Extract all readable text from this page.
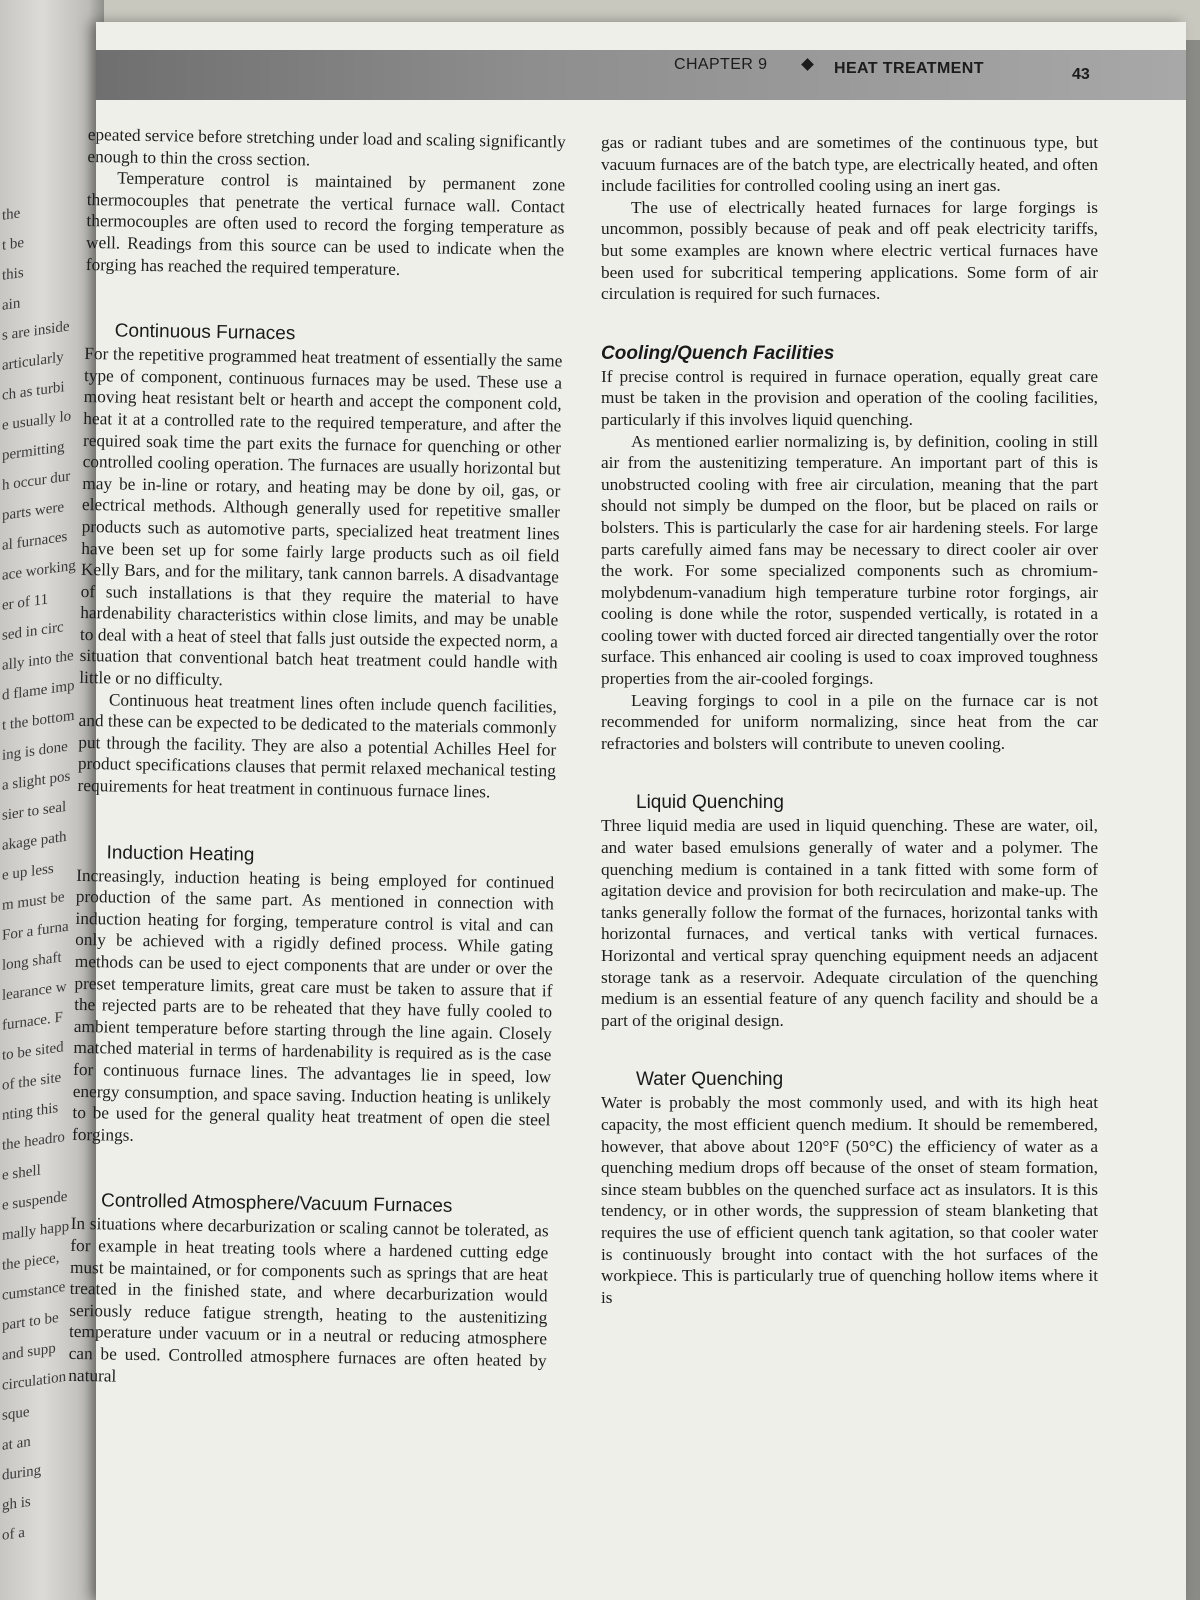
the
t be
this
ain
s are inside
articularly
ch as turbi
e usually lo
permitting
h occur dur
parts were
al furnaces
ace working
er of 11
sed in circ
ally into the
d flame imp
t the bottom
ing is done
a slight pos
sier to seal
akage path
e up less
m must be
For a furna
long shaft
learance w
furnace. F
to be sited
of the site
nting this
the headro
e shell
e suspende
mally happ
the piece,
cumstance
part to be
and supp
circulation
sque
at an
during
gh is
of a
CHAPTER 9	HEAT TREATMENT	43

epeated service before stretching under load and scaling significantly enough to thin the cross section.

Temperature control is maintained by permanent zone thermocouples that penetrate the vertical furnace wall. Contact thermocouples are often used to record the forging temperature as well. Readings from this source can be used to indicate when the forging has reached the required temperature.

Continuous Furnaces

For the repetitive programmed heat treatment of essentially the same type of component, continuous furnaces may be used. These use a moving heat resistant belt or hearth and accept the component cold, heat it at a controlled rate to the required temperature, and after the required soak time the part exits the furnace for quenching or other controlled cooling operation. The furnaces are usually horizontal but may be in-line or rotary, and heating may be done by oil, gas, or electrical methods. Although generally used for repetitive smaller products such as automotive parts, specialized heat treatment lines have been set up for some fairly large products such as oil field Kelly Bars, and for the military, tank cannon barrels. A disadvantage of such installations is that they require the material to have hardenability characteristics within close limits, and may be unable to deal with a heat of steel that falls just outside the expected norm, a situation that conventional batch heat treatment could handle with little or no difficulty.

Continuous heat treatment lines often include quench facilities, and these can be expected to be dedicated to the materials commonly put through the facility. They are also a potential Achilles Heel for product specifications clauses that permit relaxed mechanical testing requirements for heat treatment in continuous furnace lines.

Induction Heating

Increasingly, induction heating is being employed for continued production of the same part. As mentioned in connection with induction heating for forging, temperature control is vital and can only be achieved with a rigidly defined process. While gating methods can be used to eject components that are under or over the preset temperature limits, great care must be taken to assure that if the rejected parts are to be reheated that they have fully cooled to ambient temperature before starting through the line again. Closely matched material in terms of hardenability is required as is the case for continuous furnace lines. The advantages lie in speed, low energy consumption, and space saving. Induction heating is unlikely to be used for the general quality heat treatment of open die steel forgings.

Controlled Atmosphere/Vacuum Furnaces

In situations where decarburization or scaling cannot be tolerated, as for example in heat treating tools where a hardened cutting edge must be maintained, or for components such as springs that are heat treated in the finished state, and where decarburization would seriously reduce fatigue strength, heating to the austenitizing temperature under vacuum or in a neutral or reducing atmosphere can be used. Controlled atmosphere furnaces are often heated by natural

gas or radiant tubes and are sometimes of the continuous type, but vacuum furnaces are of the batch type, are electrically heated, and often include facilities for controlled cooling using an inert gas.

The use of electrically heated furnaces for large forgings is uncommon, possibly because of peak and off peak electricity tariffs, but some examples are known where electric vertical furnaces have been used for subcritical tempering applications. Some form of air circulation is required for such furnaces.

Cooling/Quench Facilities

If precise control is required in furnace operation, equally great care must be taken in the provision and operation of the cooling facilities, particularly if this involves liquid quenching.

As mentioned earlier normalizing is, by definition, cooling in still air from the austenitizing temperature. An important part of this is unobstructed cooling with free air circulation, meaning that the part should not simply be dumped on the floor, but be placed on rails or bolsters. This is particularly the case for air hardening steels. For large parts carefully aimed fans may be necessary to direct cooler air over the work. For some specialized components such as chromium-molybdenum-vanadium high temperature turbine rotor forgings, air cooling is done while the rotor, suspended vertically, is rotated in a cooling tower with ducted forced air directed tangentially over the rotor surface. This enhanced air cooling is used to coax improved toughness properties from the air-cooled forgings.

Leaving forgings to cool in a pile on the furnace car is not recommended for uniform normalizing, since heat from the car refractories and bolsters will contribute to uneven cooling.

Liquid Quenching

Three liquid media are used in liquid quenching. These are water, oil, and water based emulsions generally of water and a polymer. The quenching medium is contained in a tank fitted with some form of agitation device and provision for both recirculation and make-up. The tanks generally follow the format of the furnaces, horizontal tanks with horizontal furnaces, and vertical tanks with vertical furnaces. Horizontal and vertical spray quenching equipment needs an adjacent storage tank as a reservoir. Adequate circulation of the quenching medium is an essential feature of any quench facility and should be a part of the original design.

Water Quenching

Water is probably the most commonly used, and with its high heat capacity, the most efficient quench medium. It should be remembered, however, that above about 120°F (50°C) the efficiency of water as a quenching medium drops off because of the onset of steam formation, since steam bubbles on the quenched surface act as insulators. It is this tendency, or in other words, the suppression of steam blanketing that requires the use of efficient quench tank agitation, so that cooler water is continuously brought into contact with the hot surfaces of the workpiece. This is particularly true of quenching hollow items where it is
